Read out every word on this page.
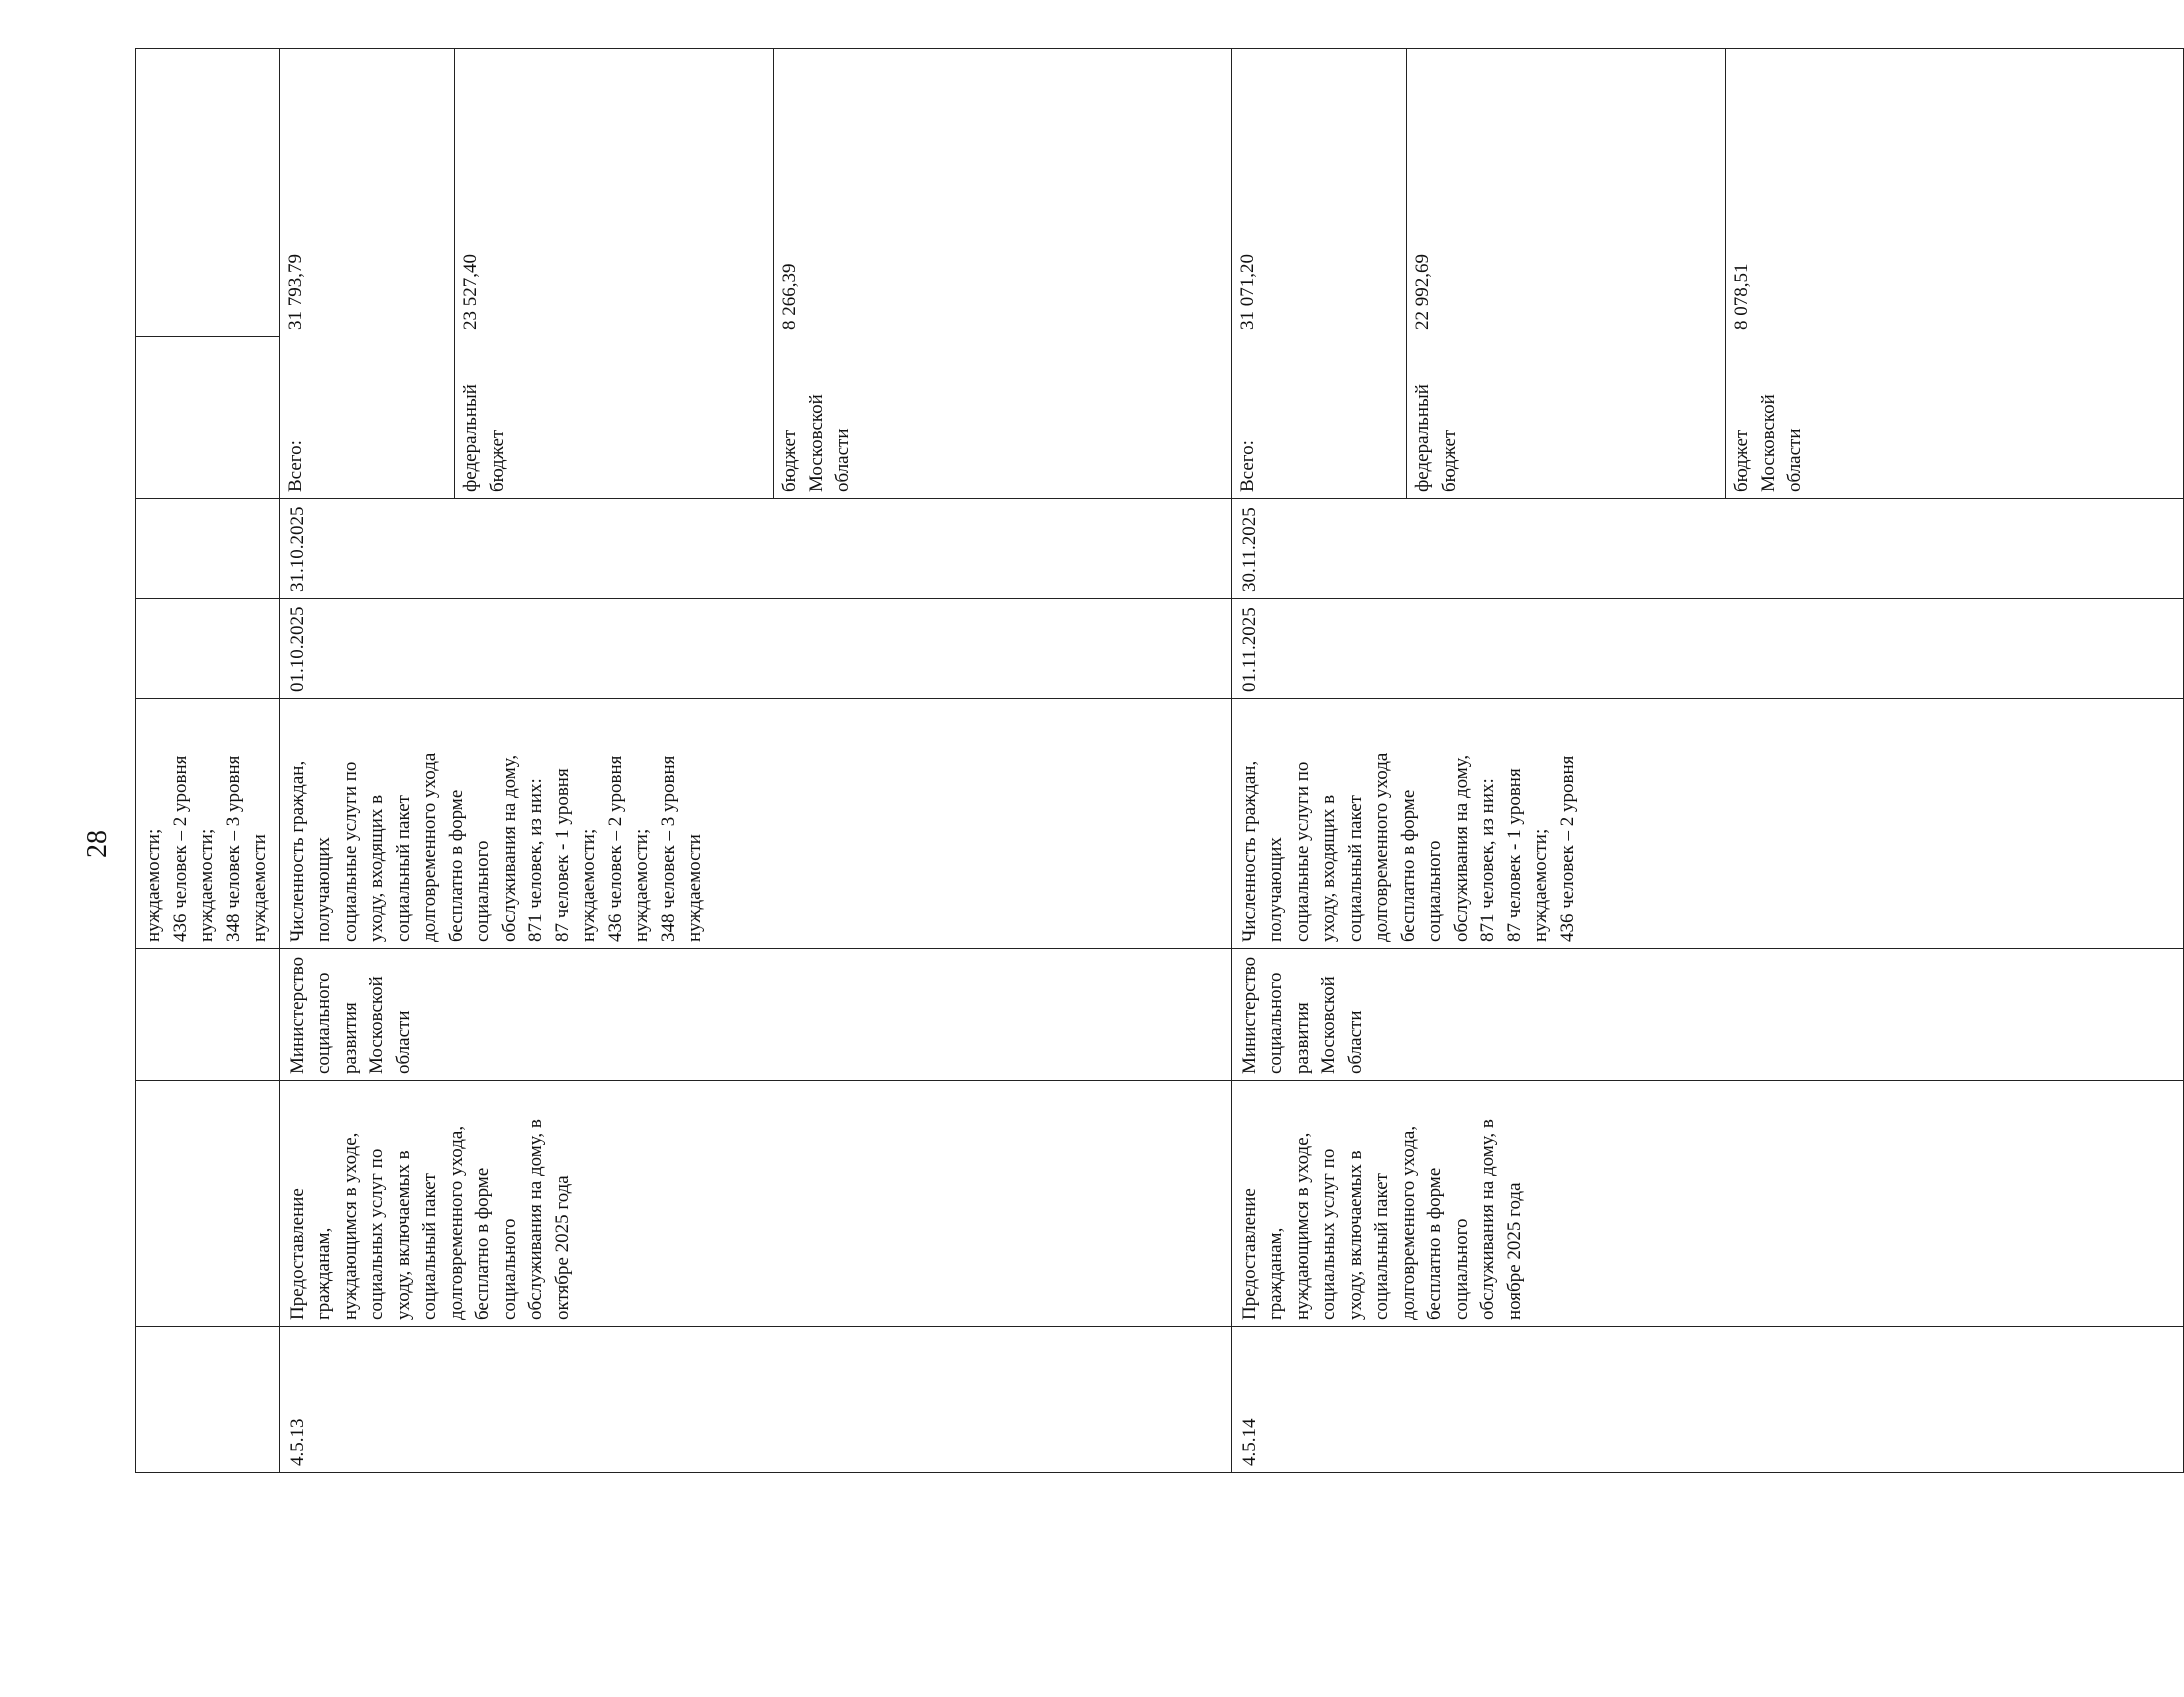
28
			нуждаемости;
436 человек – 2 уровня
нуждаемости;
348 человек – 3 уровня
нуждаемости				
4.5.13	Предоставление
гражданам,
нуждающимся в уходе,
социальных услуг по
уходу, включаемых в
социальный пакет
долговременного ухода,
бесплатно в форме
социального
обслуживания на дому, в
октябре 2025 года	Министерство
социального
развития
Московской
области	Численность граждан,
получающих
социальные услуги по
уходу, входящих в
социальный пакет
долговременного ухода
бесплатно в форме
социального
обслуживания на дому,
871 человек, из них:
87 человек - 1 уровня
нуждаемости;
436 человек – 2 уровня
нуждаемости;
348 человек – 3 уровня
нуждаемости	01.10.2025	31.10.2025	
Всего:	31 793,79
федеральный
бюджет	23 527,40
бюджет
Московской
области	8 266,39

4.5.14	Предоставление
гражданам,
нуждающимся в уходе,
социальных услуг по
уходу, включаемых в
социальный пакет
долговременного ухода,
бесплатно в форме
социального
обслуживания на дому, в
ноябре 2025 года	Министерство
социального
развития
Московской
области	Численность граждан,
получающих
социальные услуги по
уходу, входящих в
социальный пакет
долговременного ухода
бесплатно в форме
социального
обслуживания на дому,
871 человек, из них:
87 человек - 1 уровня
нуждаемости;
436 человек – 2 уровня	01.11.2025	30.11.2025	
Всего:	31 071,20
федеральный
бюджет	22 992,69
бюджет
Московской
области	8 078,51
